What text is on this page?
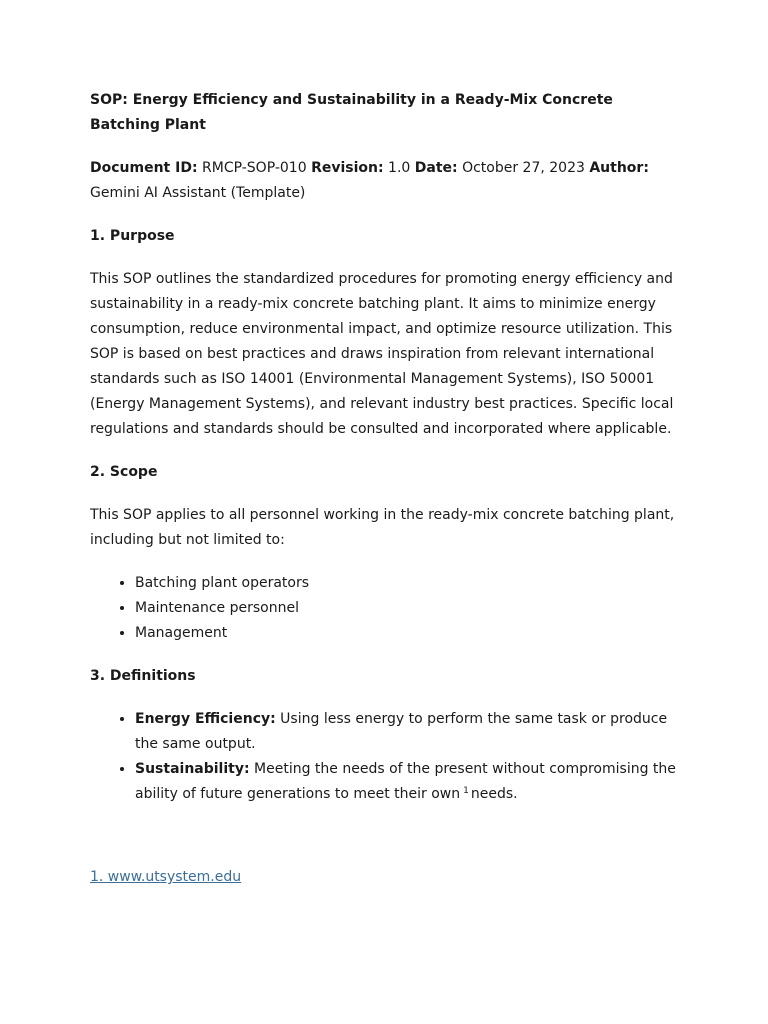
SOP: Energy Efficiency and Sustainability in a Ready-Mix Concrete Batching Plant
Document ID: RMCP-SOP-010 Revision: 1.0 Date: October 27, 2023 Author: Gemini AI Assistant (Template)
1. Purpose
This SOP outlines the standardized procedures for promoting energy efficiency and sustainability in a ready-mix concrete batching plant. It aims to minimize energy consumption, reduce environmental impact, and optimize resource utilization. This SOP is based on best practices and draws inspiration from relevant international standards such as ISO 14001 (Environmental Management Systems), ISO 50001 (Energy Management Systems), and relevant industry best practices. Specific local regulations and standards should be consulted and incorporated where applicable.
2. Scope
This SOP applies to all personnel working in the ready-mix concrete batching plant, including but not limited to:
• Batching plant operators
• Maintenance personnel
• Management
3. Definitions
• Energy Efficiency: Using less energy to perform the same task or produce the same output.
• Sustainability: Meeting the needs of the present without compromising the ability of future generations to meet their own $^1$ needs.
1. www.utsystem.edu
